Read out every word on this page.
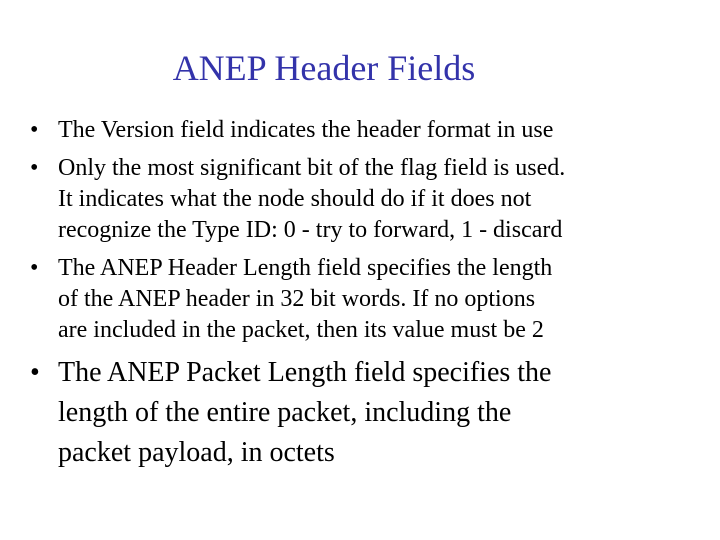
ANEP Header Fields
• The Version field indicates the header format in use
• Only the most significant bit of the flag field is used.
It indicates what the node should do if it does not
recognize the Type ID: 0 - try to forward, 1 - discard
• The ANEP Header Length field specifies the length
of the ANEP header in 32 bit words. If no options
are included in the packet, then its value must be 2
• The ANEP Packet Length field specifies the
length of the entire packet, including the
packet payload, in octets
